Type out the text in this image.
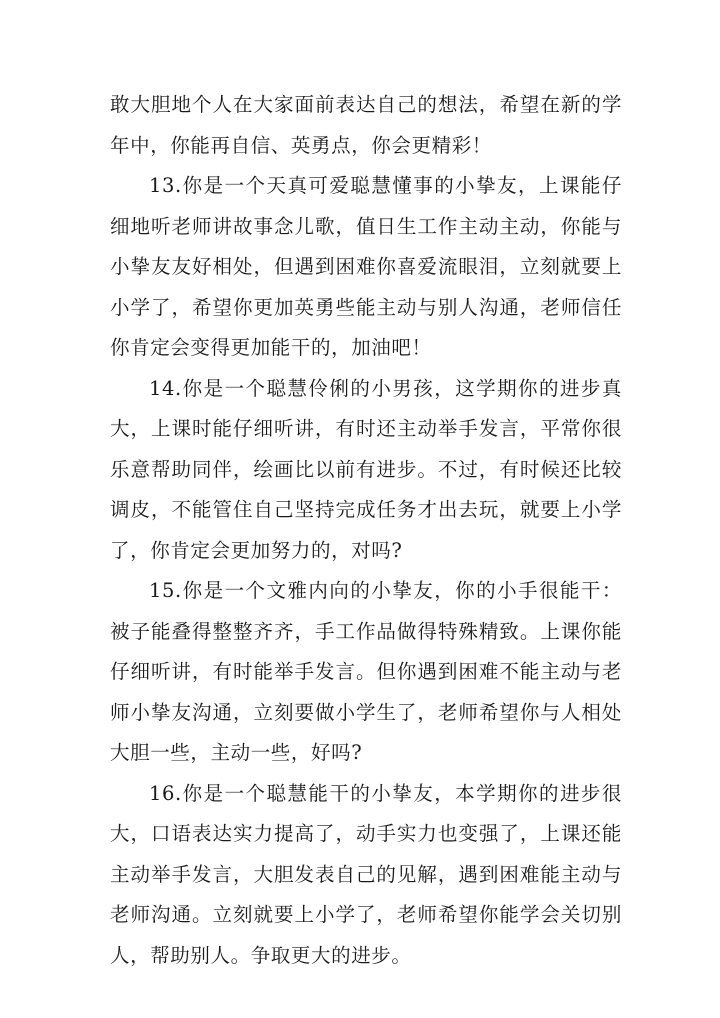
敢大胆地个人在大家面前表达自己的想法，希望在新的学年中，你能再自信、英勇点，你会更精彩！

13.你是一个天真可爱聪慧懂事的小挚友，上课能仔细地听老师讲故事念儿歌，值日生工作主动主动，你能与小挚友友好相处，但遇到困难你喜爱流眼泪，立刻就要上小学了，希望你更加英勇些能主动与别人沟通，老师信任你肯定会变得更加能干的，加油吧！

14.你是一个聪慧伶俐的小男孩，这学期你的进步真大，上课时能仔细听讲，有时还主动举手发言，平常你很乐意帮助同伴，绘画比以前有进步。不过，有时候还比较调皮，不能管住自己坚持完成任务才出去玩，就要上小学了，你肯定会更加努力的，对吗?

15.你是一个文雅内向的小挚友，你的小手很能干：被子能叠得整整齐齐，手工作品做得特殊精致。上课你能仔细听讲，有时能举手发言。但你遇到困难不能主动与老师小挚友沟通，立刻要做小学生了，老师希望你与人相处大胆一些，主动一些，好吗?

16.你是一个聪慧能干的小挚友，本学期你的进步很大，口语表达实力提高了，动手实力也变强了，上课还能主动举手发言，大胆发表自己的见解，遇到困难能主动与老师沟通。立刻就要上小学了，老师希望你能学会关切别人，帮助别人。争取更大的进步。
